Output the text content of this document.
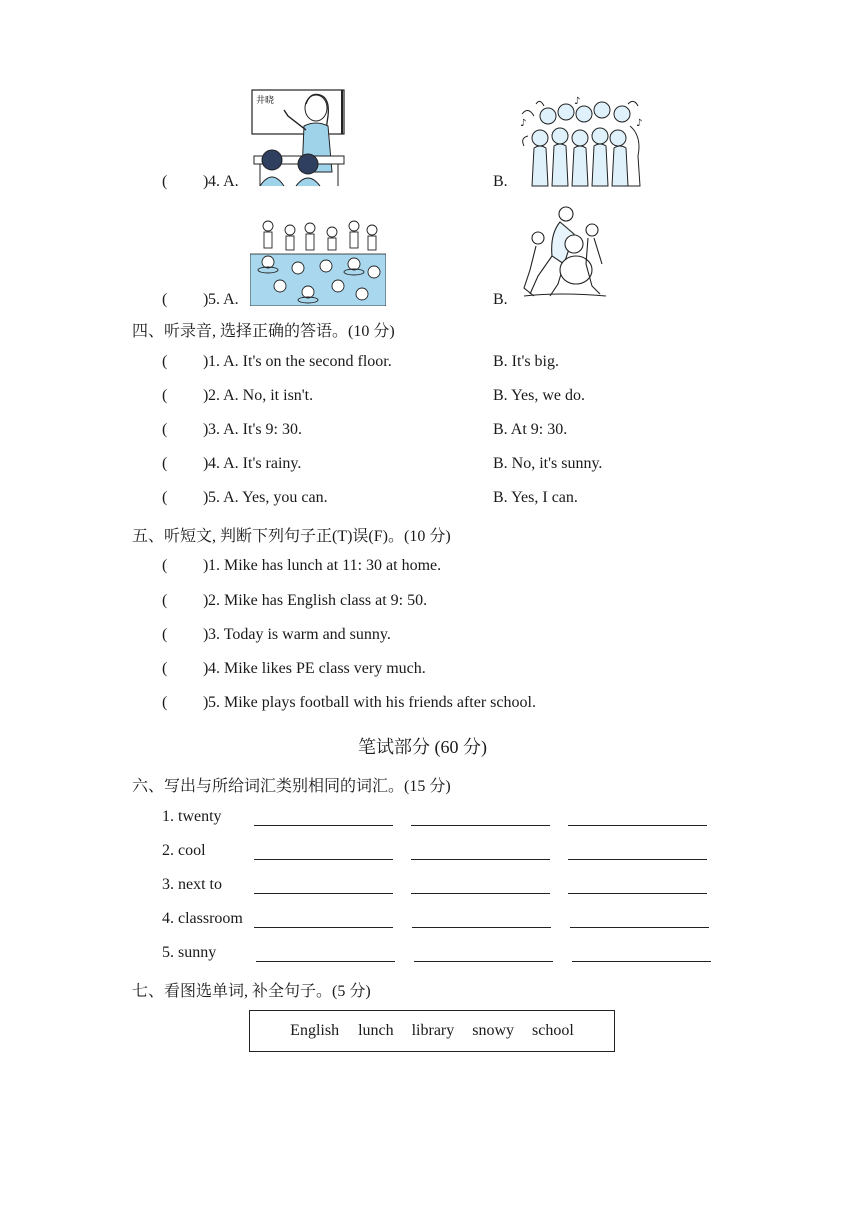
( ) 4. A.
井晓
B.
♪	♪
♪
( ) 5. A.	B.
四、听录音, 选择正确的答语。(10 分)
( ) 1. A. It's on the second floor.	B. It's big.
( ) 2. A. No, it isn't.	B. Yes, we do.
( ) 3. A. It's 9: 30.	B. At 9: 30.
( ) 4. A. It's rainy.	B. No, it's sunny.
( ) 5. A. Yes, you can.	B. Yes, I can.
五、听短文, 判断下列句子正(T)误(F)。(10 分)
( ) 1. Mike has lunch at 11: 30 at home.
( ) 2. Mike has English class at 9: 50.
( ) 3. Today is warm and sunny.
( ) 4. Mike likes PE class very much.
( ) 5. Mike plays football with his friends after school.
笔试部分 (60 分)
六、写出与所给词汇类别相同的词汇。(15 分)
1. twenty
2. cool
3. next to
4. classroom
5. sunny
七、看图选单词, 补全句子。(5 分)
English lunch library snowy school
